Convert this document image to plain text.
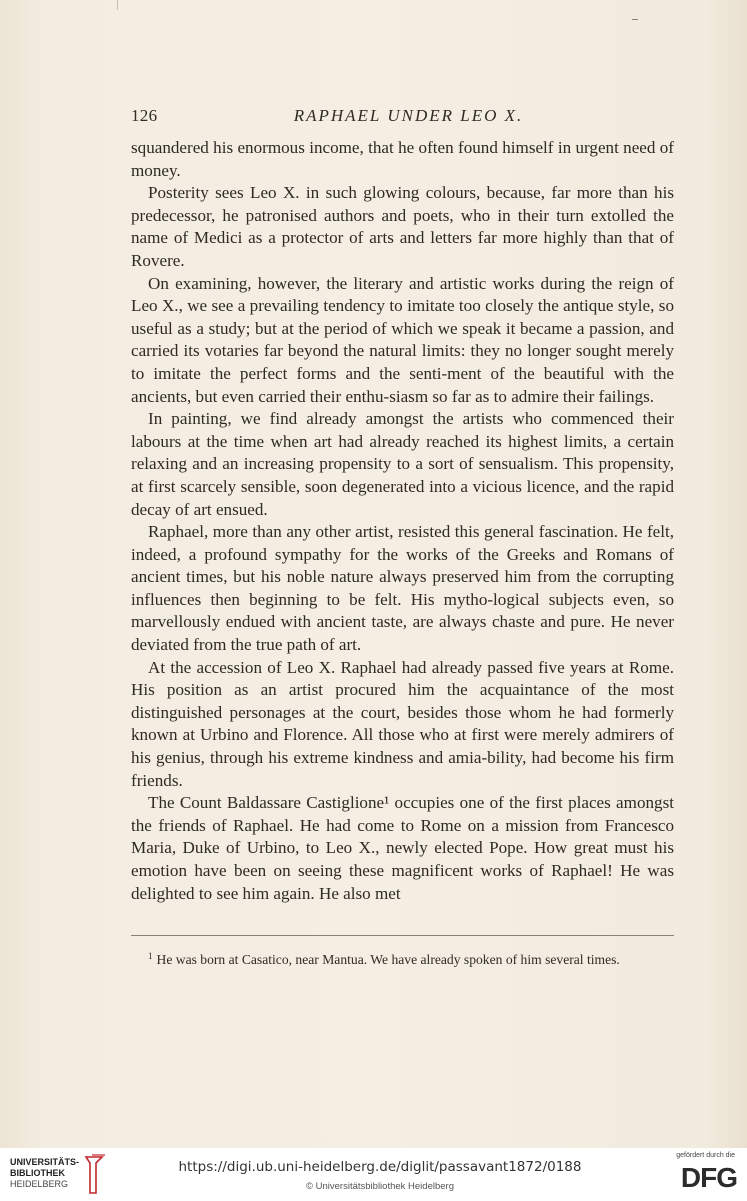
126	RAPHAEL UNDER LEO X.

squandered his enormous income, that he often found himself in urgent need of money.

Posterity sees Leo X. in such glowing colours, because, far more than his predecessor, he patronised authors and poets, who in their turn extolled the name of Medici as a protector of arts and letters far more highly than that of Rovere.

On examining, however, the literary and artistic works during the reign of Leo X., we see a prevailing tendency to imitate too closely the antique style, so useful as a study; but at the period of which we speak it became a passion, and carried its votaries far beyond the natural limits: they no longer sought merely to imitate the perfect forms and the senti-ment of the beautiful with the ancients, but even carried their enthu-siasm so far as to admire their failings.

In painting, we find already amongst the artists who commenced their labours at the time when art had already reached its highest limits, a certain relaxing and an increasing propensity to a sort of sensualism. This propensity, at first scarcely sensible, soon degenerated into a vicious licence, and the rapid decay of art ensued.

Raphael, more than any other artist, resisted this general fascination. He felt, indeed, a profound sympathy for the works of the Greeks and Romans of ancient times, but his noble nature always preserved him from the corrupting influences then beginning to be felt. His mytho-logical subjects even, so marvellously endued with ancient taste, are always chaste and pure. He never deviated from the true path of art.

At the accession of Leo X. Raphael had already passed five years at Rome. His position as an artist procured him the acquaintance of the most distinguished personages at the court, besides those whom he had formerly known at Urbino and Florence. All those who at first were merely admirers of his genius, through his extreme kindness and amia-bility, had become his firm friends.

The Count Baldassare Castiglione¹ occupies one of the first places amongst the friends of Raphael. He had come to Rome on a mission from Francesco Maria, Duke of Urbino, to Leo X., newly elected Pope. How great must his emotion have been on seeing these magnificent works of Raphael! He was delighted to see him again. He also met

$^1$ He was born at Casatico, near Mantua. We have already spoken of him several times.
UNIVERSITÄTS-
BIBLIOTHEK
HEIDELBERG
https://digi.ub.uni-heidelberg.de/diglit/passavant1872/0188
© Universitätsbibliothek Heidelberg
gefördert durch die
DFG
